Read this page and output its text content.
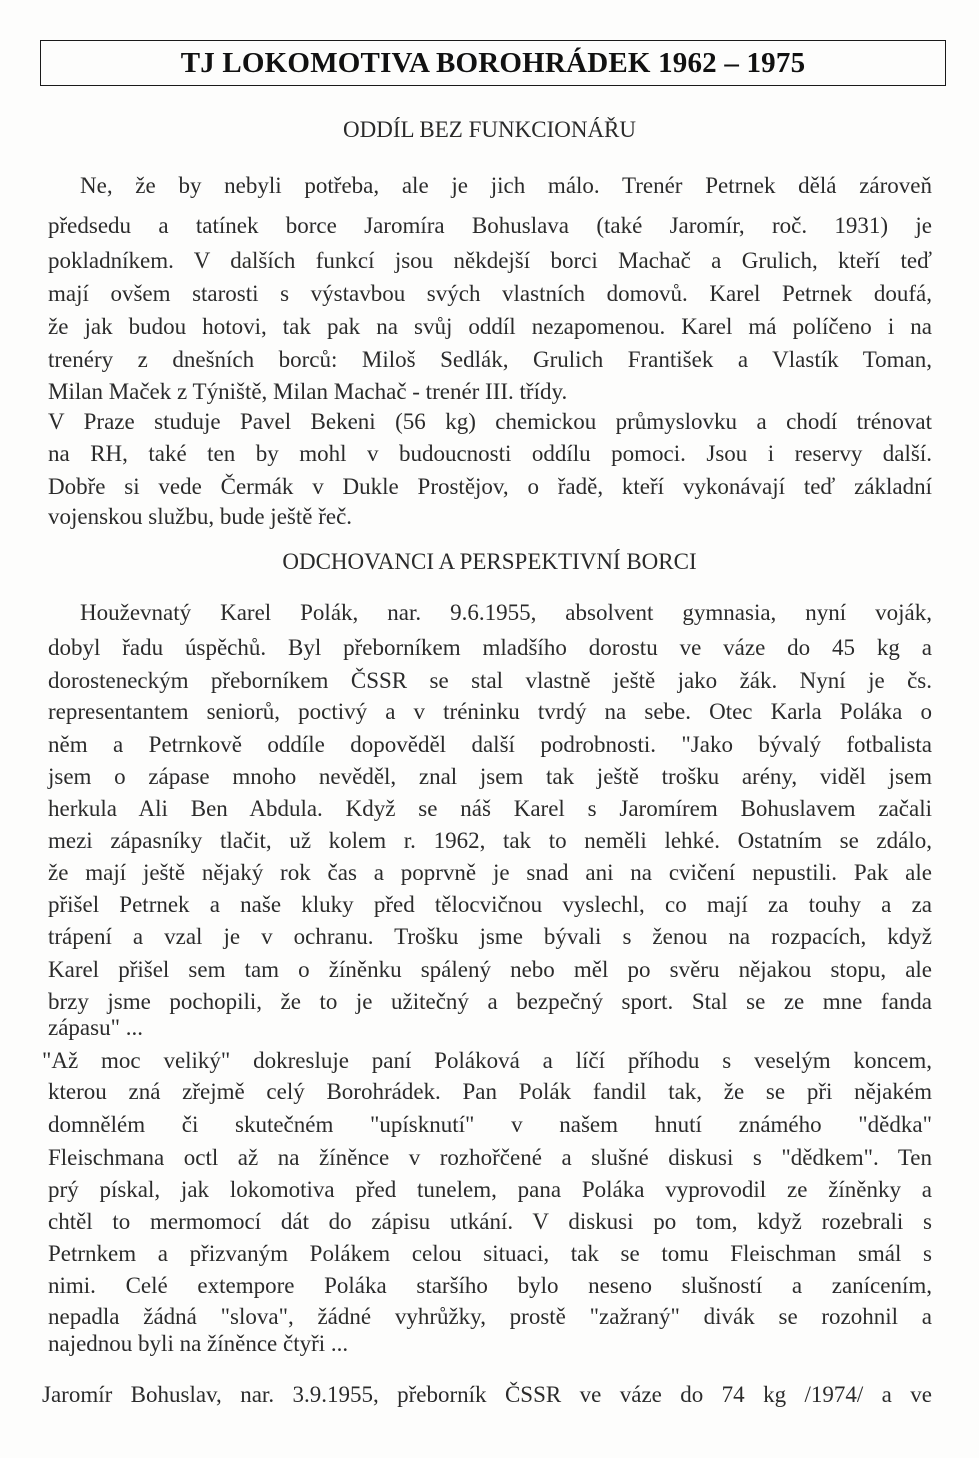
TJ LOKOMOTIVA BOROHRÁDEK 1962 – 1975
ODDÍL BEZ FUNKCIONÁŘU
Ne, že by nebyli potřeba, ale je jich málo. Trenér Petrnek dělá zároveň
předsedu a tatínek borce Jaromíra Bohuslava (také Jaromír, roč. 1931) je
pokladníkem. V dalších funkcí jsou někdejší borci Machač a Grulich, kteří teď
mají ovšem starosti s výstavbou svých vlastních domovů. Karel Petrnek doufá,
že jak budou hotovi, tak pak na svůj oddíl nezapomenou. Karel má políčeno i na
trenéry z dnešních borců: Miloš Sedlák, Grulich František a Vlastík Toman,
Milan Maček z Týniště, Milan Machač - trenér III. třídy.
V Praze studuje Pavel Bekeni (56 kg) chemickou průmyslovku a chodí trénovat
na RH, také ten by mohl v budoucnosti oddílu pomoci. Jsou i reservy další.
Dobře si vede Čermák v Dukle Prostějov, o řadě, kteří vykonávají teď základní
vojenskou službu, bude ještě řeč.
ODCHOVANCI A PERSPEKTIVNÍ BORCI
Houževnatý Karel Polák, nar. 9.6.1955, absolvent gymnasia, nyní voják,
dobyl řadu úspěchů. Byl přeborníkem mladšího dorostu ve váze do 45 kg a
dorosteneckým přeborníkem ČSSR se stal vlastně ještě jako žák. Nyní je čs.
representantem seniorů, poctivý a v tréninku tvrdý na sebe. Otec Karla Poláka o
něm a Petrnkově oddíle dopověděl další podrobnosti. "Jako bývalý fotbalista
jsem o zápase mnoho nevěděl, znal jsem tak ještě trošku arény, viděl jsem
herkula Ali Ben Abdula. Když se náš Karel s Jaromírem Bohuslavem začali
mezi zápasníky tlačit, už kolem r. 1962, tak to neměli lehké. Ostatním se zdálo,
že mají ještě nějaký rok čas a poprvně je snad ani na cvičení nepustili. Pak ale
přišel Petrnek a naše kluky před tělocvičnou vyslechl, co mají za touhy a za
trápení a vzal je v ochranu. Trošku jsme bývali s ženou na rozpacích, když
Karel přišel sem tam o žíněnku spálený nebo měl po svěru nějakou stopu, ale
brzy jsme pochopili, že to je užitečný a bezpečný sport. Stal se ze mne fanda
zápasu" ...
"Až moc veliký" dokresluje paní Poláková a líčí příhodu s veselým koncem,
kterou zná zřejmě celý Borohrádek. Pan Polák fandil tak, že se při nějakém
domnělém či skutečném "upísknutí" v našem hnutí známého "dědka"
Fleischmana octl až na žíněnce v rozhořčené a slušné diskusi s "dědkem". Ten
prý pískal, jak lokomotiva před tunelem, pana Poláka vyprovodil ze žíněnky a
chtěl to mermomocí dát do zápisu utkání. V diskusi po tom, když rozebrali s
Petrnkem a přizvaným Polákem celou situaci, tak se tomu Fleischman smál s
nimi. Celé extempore Poláka staršího bylo neseno slušností a zanícením,
nepadla žádná "slova", žádné vyhrůžky, prostě "zažraný" divák se rozohnil a
najednou byli na žíněnce čtyři ...
Jaromír Bohuslav, nar. 3.9.1955, přeborník ČSSR ve váze do 74 kg /1974/ a ve
